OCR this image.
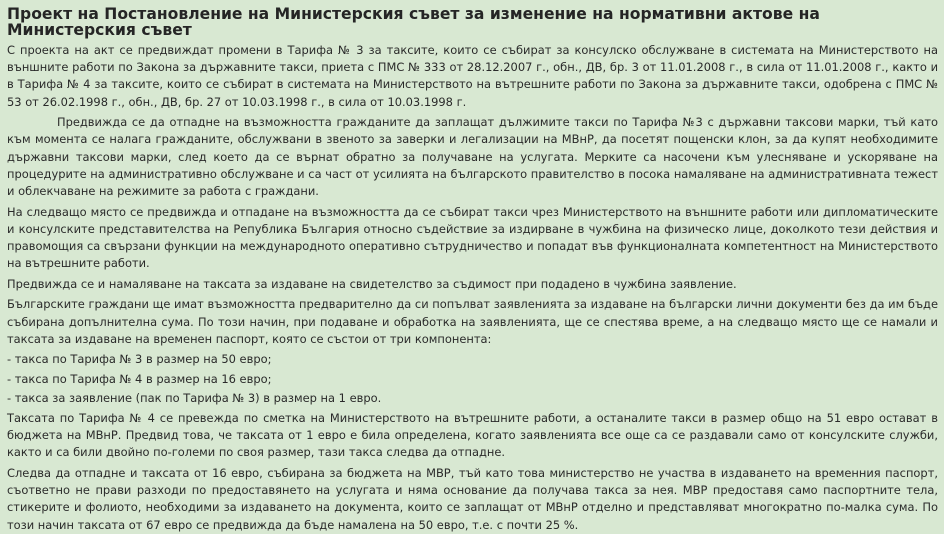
Проект на Постановление на Министерския съвет за изменение на нормативни актове на Министерския съвет

С проекта на акт се предвиждат промени в Тарифа № 3 за таксите, които се събират за консулско обслужване в системата на Министерството на външните работи по Закона за държавните такси, приета с ПМС № 333 от 28.12.2007 г., обн., ДВ, бр. 3 от 11.01.2008 г., в сила от 11.01.2008 г., както и в Тарифа № 4 за таксите, които се събират в системата на Министерството на вътрешните работи по Закона за държавните такси, одобрена с ПМС № 53 от 26.02.1998 г., обн., ДВ, бр. 27 от 10.03.1998 г., в сила от 10.03.1998 г.

Предвижда се да отпадне на възможността гражданите да заплащат дължимите такси по Тарифа №3 с държавни таксови марки, тъй като към момента се налага гражданите, обслужвани в звеното за заверки и легализации на МВнР, да посетят пощенски клон, за да купят необходимите държавни таксови марки, след което да се върнат обратно за получаване на услугата. Мерките са насочени към улесняване и ускоряване на процедурите на административно обслужване и са част от усилията на българското правителство в посока намаляване на административната тежест и облекчаване на режимите за работа с граждани.

На следващо място се предвижда и отпадане на възможността да се събират такси чрез Министерството на външните работи или дипломатическите и консулските представителства на Република България относно съдействие за издирване в чужбина на физическо лице, доколкото тези действия и правомощия са свързани функции на международното оперативно сътрудничество и попадат във функционалната компетентност на Министерството на вътрешните работи.

Предвижда се и намаляване на таксата за издаване на свидетелство за съдимост при подадено в чужбина заявление.

Българските граждани ще имат възможността предварително да си попълват заявленията за издаване на български лични документи без да им бъде събирана допълнителна сума. По този начин, при подаване и обработка на заявленията, ще се спестява време, а на следващо място ще се намали и таксата за издаване на временен паспорт, която се състои от три компонента:

- такса по Тарифа № 3 в размер на 50 евро;

- такса по Тарифа № 4 в размер на 16 евро;

- такса за заявление (пак по Тарифа № 3) в размер на 1 евро.

Таксата по Тарифа № 4 се превежда по сметка на Министерството на вътрешните работи, а останалите такси в размер общо на 51 евро остават в бюджета на МВнР. Предвид това, че таксата от 1 евро е била определена, когато заявленията все още са се раздавали само от консулските служби, както и са били двойно по-големи по своя размер, тази такса следва да отпадне.

Следва да отпадне и таксата от 16 евро, събирана за бюджета на МВР, тъй като това министерство не участва в издаването на временния паспорт, съответно не прави разходи по предоставянето на услугата и няма основание да получава такса за нея. МВР предоставя само паспортните тела, стикерите и фолиото, необходими за издаването на документа, които се заплащат от МВнР отделно и представляват многократно по-малка сума. По този начин таксата от 67 евро се предвижда да бъде намалена на 50 евро, т.е. с почти 25 %.
